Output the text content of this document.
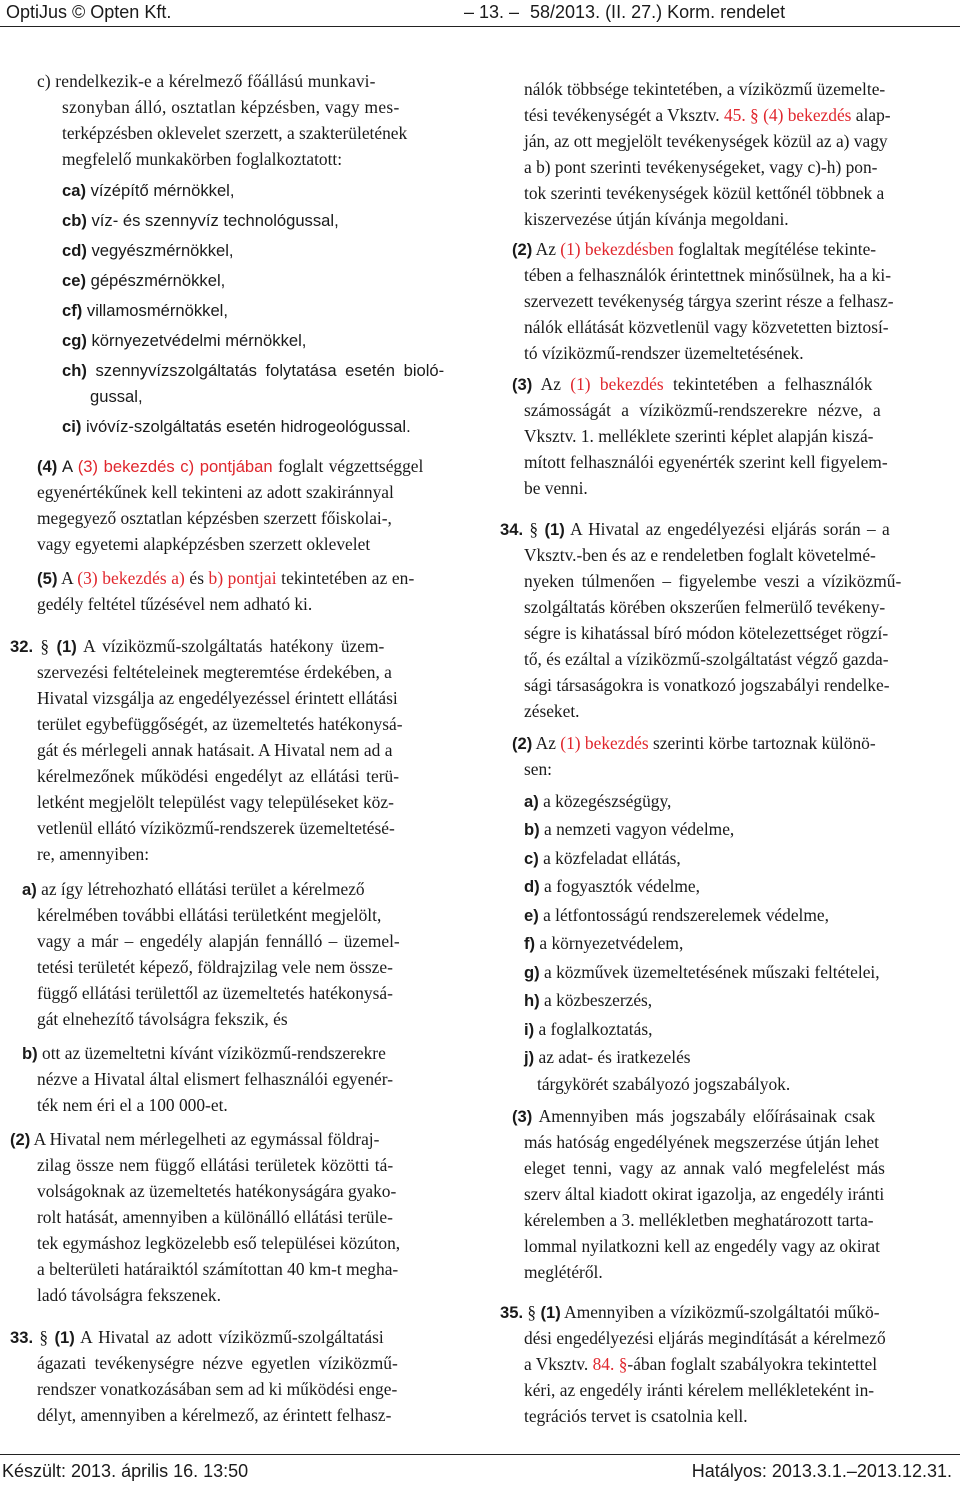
OptiJus © Opten Kft.	– 13. – 58/2013. (II. 27.) Korm. rendelet
c) rendelkezik-e a kérelmező főállású munkavi-
szonyban álló, osztatlan képzésben, vagy mes-
terképzésben oklevelet szerzett, a szakterületének
megfelelő munkakörben foglalkoztatott:
ca) vízépítő mérnökkel,
cb) víz- és szennyvíz technológussal,
cd) vegyészmérnökkel,
ce) gépészmérnökkel,
cf) villamosmérnökkel,
cg) környezetvédelmi mérnökkel,
ch) szennyvízszolgáltatás folytatása esetén bioló-
gussal,
ci) ivóvíz-szolgáltatás esetén hidrogeológussal.
(4) A (3) bekezdés c) pontjában foglalt végzettséggel
egyenértékűnek kell tekinteni az adott szakiránnyal
megegyező osztatlan képzésben szerzett főiskolai-,
vagy egyetemi alapképzésben szerzett oklevelet
(5) A (3) bekezdés a) és b) pontjai tekintetében az en-
gedély feltétel tűzésével nem adható ki.
32. § (1) A víziközmű-szolgáltatás hatékony üzem-
szervezési feltételeinek megteremtése érdekében, a
Hivatal vizsgálja az engedélyezéssel érintett ellátási
terület egybefüggőségét, az üzemeltetés hatékonysá-
gát és mérlegeli annak hatásait. A Hivatal nem ad a
kérelmezőnek működési engedélyt az ellátási terü-
letként megjelölt települést vagy településeket köz-
vetlenül ellátó víziközmű-rendszerek üzemeltetésé-
re, amennyiben:
a) az így létrehozható ellátási terület a kérelmező
kérelmében további ellátási területként megjelölt,
vagy a már – engedély alapján fennálló – üzemel-
tetési területét képező, földrajzilag vele nem össze-
függő ellátási területtől az üzemeltetés hatékonysá-
gát elnehezítő távolságra fekszik, és
b) ott az üzemeltetni kívánt víziközmű-rendszerekre
nézve a Hivatal által elismert felhasználói egyenér-
ték nem éri el a 100 000-et.
(2) A Hivatal nem mérlegelheti az egymással földraj-
zilag össze nem függő ellátási területek közötti tá-
volságoknak az üzemeltetés hatékonyságára gyako-
rolt hatását, amennyiben a különálló ellátási terüle-
tek egymáshoz legközelebb eső települései közúton,
a belterületi határaiktól számítottan 40 km-t megha-
ladó távolságra fekszenek.
33. § (1) A Hivatal az adott víziközmű-szolgáltatási
ágazati tevékenységre nézve egyetlen víziközmű-
rendszer vonatkozásában sem ad ki működési enge-
délyt, amennyiben a kérelmező, az érintett felhasz-
nálók többsége tekintetében, a víziközmű üzemelte-
tési tevékenységét a Vksztv. 45. § (4) bekezdés alap-
ján, az ott megjelölt tevékenységek közül az a) vagy
a b) pont szerinti tevékenységeket, vagy c)-h) pon-
tok szerinti tevékenységek közül kettőnél többnek a
kiszervezése útján kívánja megoldani.
(2) Az (1) bekezdésben foglaltak megítélése tekinte-
tében a felhasználók érintettnek minősülnek, ha a ki-
szervezett tevékenység tárgya szerint része a felhasz-
nálók ellátását közvetlenül vagy közvetetten biztosí-
tó víziközmű-rendszer üzemeltetésének.
(3) Az (1) bekezdés tekintetében a felhasználók
számosságát a víziközmű-rendszerekre nézve, a
Vksztv. 1. melléklete szerinti képlet alapján kiszá-
mított felhasználói egyenérték szerint kell figyelem-
be venni.
34. § (1) A Hivatal az engedélyezési eljárás során – a
Vksztv.-ben és az e rendeletben foglalt követelmé-
nyeken túlmenően – figyelembe veszi a víziközmű-
szolgáltatás körében okszerűen felmerülő tevékeny-
ségre is kihatással bíró módon kötelezettséget rögzí-
tő, és ezáltal a víziközmű-szolgáltatást végző gazda-
sági társaságokra is vonatkozó jogszabályi rendelke-
zéseket.
(2) Az (1) bekezdés szerinti körbe tartoznak különö-
sen:
a) a közegészségügy,
b) a nemzeti vagyon védelme,
c) a közfeladat ellátás,
d) a fogyasztók védelme,
e) a létfontosságú rendszerelemek védelme,
f) a környezetvédelem,
g) a közművek üzemeltetésének műszaki feltételei,
h) a közbeszerzés,
i) a foglalkoztatás,
j) az adat- és iratkezelés
tárgykörét szabályozó jogszabályok.
(3) Amennyiben más jogszabály előírásainak csak
más hatóság engedélyének megszerzése útján lehet
eleget tenni, vagy az annak való megfelelést más
szerv által kiadott okirat igazolja, az engedély iránti
kérelemben a 3. mellékletben meghatározott tarta-
lommal nyilatkozni kell az engedély vagy az okirat
meglétéről.
35. § (1) Amennyiben a víziközmű-szolgáltatói műkö-
dési engedélyezési eljárás megindítását a kérelmező
a Vksztv. 84. §-ában foglalt szabályokra tekintettel
kéri, az engedély iránti kérelem mellékleteként in-
tegrációs tervet is csatolnia kell.
Készült: 2013. április 16. 13:50	Hatályos: 2013.3.1.–2013.12.31.
